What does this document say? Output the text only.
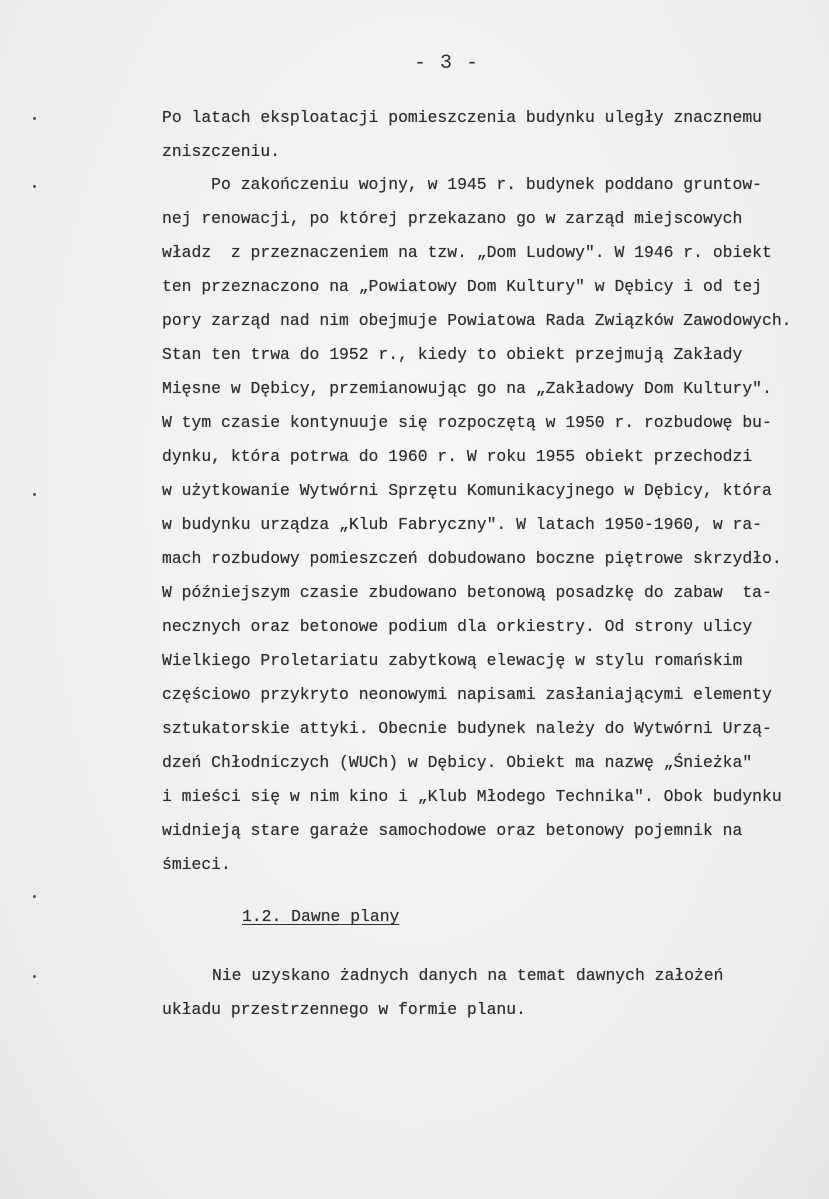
- 3 -
Po latach eksploatacji pomieszczenia budynku uległy znacznemu
zniszczeniu.
Po zakończeniu wojny, w 1945 r. budynek poddano gruntow-
nej renowacji, po której przekazano go w zarząd miejscowych
władz  z przeznaczeniem na tzw. „Dom Ludowy". W 1946 r. obiekt
ten przeznaczono na „Powiatowy Dom Kultury" w Dębicy i od tej
pory zarząd nad nim obejmuje Powiatowa Rada Związków Zawodowych.
Stan ten trwa do 1952 r., kiedy to obiekt przejmują Zakłady
Mięsne w Dębicy, przemianowując go na „Zakładowy Dom Kultury".
W tym czasie kontynuuje się rozpoczętą w 1950 r. rozbudowę bu-
dynku, która potrwa do 1960 r. W roku 1955 obiekt przechodzi
w użytkowanie Wytwórni Sprzętu Komunikacyjnego w Dębicy, która
w budynku urządza „Klub Fabryczny". W latach 1950-1960, w ra-
mach rozbudowy pomieszczeń dobudowano boczne piętrowe skrzydło.
W późniejszym czasie zbudowano betonową posadzkę do zabaw  ta-
necznych oraz betonowe podium dla orkiestry. Od strony ulicy
Wielkiego Proletariatu zabytkową elewację w stylu romańskim
częściowo przykryto neonowymi napisami zasłaniającymi elementy
sztukatorskie attyki. Obecnie budynek należy do Wytwórni Urzą-
dzeń Chłodniczych (WUCh) w Dębicy. Obiekt ma nazwę „Śnieżka"
i mieści się w nim kino i „Klub Młodego Technika". Obok budynku
widnieją stare garaże samochodowe oraz betonowy pojemnik na
śmieci.
1.2. Dawne plany
Nie uzyskano żadnych danych na temat dawnych założeń
układu przestrzennego w formie planu.
